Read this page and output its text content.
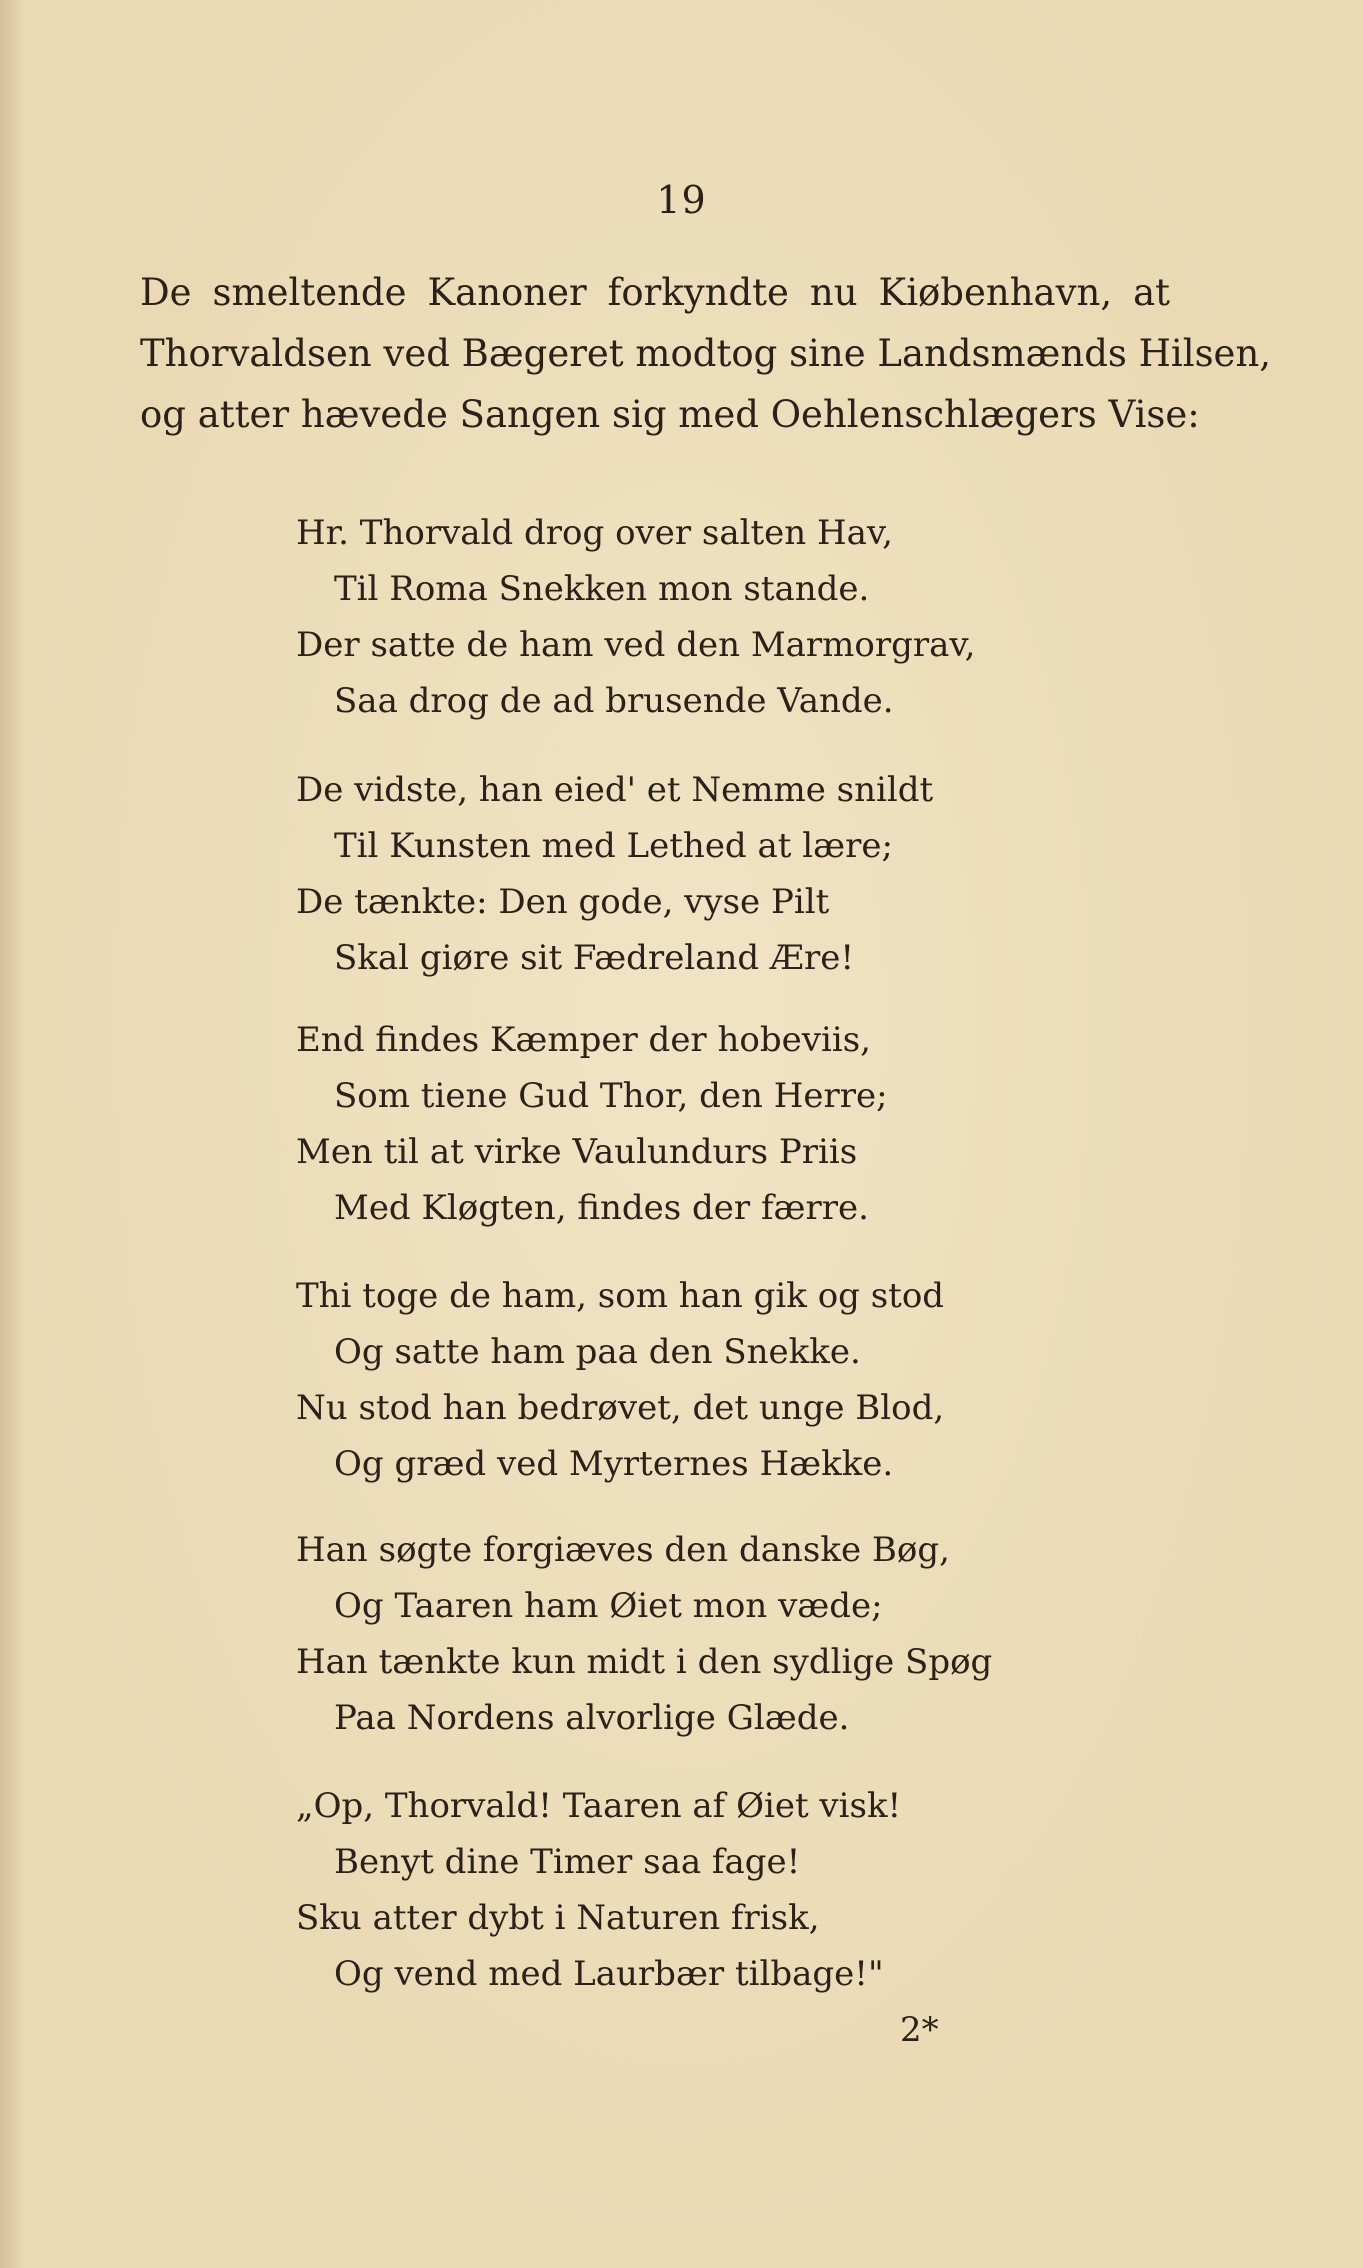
19
De smeltende Kanoner forkyndte nu Kiøbenhavn, at
Thorvaldsen ved Bægeret modtog sine Landsmænds Hilsen,
og atter hævede Sangen sig med Oehlenschlægers Vise:
Hr. Thorvald drog over salten Hav,
Til Roma Snekken mon stande.
Der satte de ham ved den Marmorgrav,
Saa drog de ad brusende Vande.
De vidste, han eied' et Nemme snildt
Til Kunsten med Lethed at lære;
De tænkte: Den gode, vyse Pilt
Skal giøre sit Fædreland Ære!
End findes Kæmper der hobeviis,
Som tiene Gud Thor, den Herre;
Men til at virke Vaulundurs Priis
Med Kløgten, findes der færre.
Thi toge de ham, som han gik og stod
Og satte ham paa den Snekke.
Nu stod han bedrøvet, det unge Blod,
Og græd ved Myrternes Hække.
Han søgte forgiæves den danske Bøg,
Og Taaren ham Øiet mon væde;
Han tænkte kun midt i den sydlige Spøg
Paa Nordens alvorlige Glæde.
„Op, Thorvald! Taaren af Øiet visk!
Benyt dine Timer saa fage!
Sku atter dybt i Naturen frisk,
Og vend med Laurbær tilbage!"
2*
